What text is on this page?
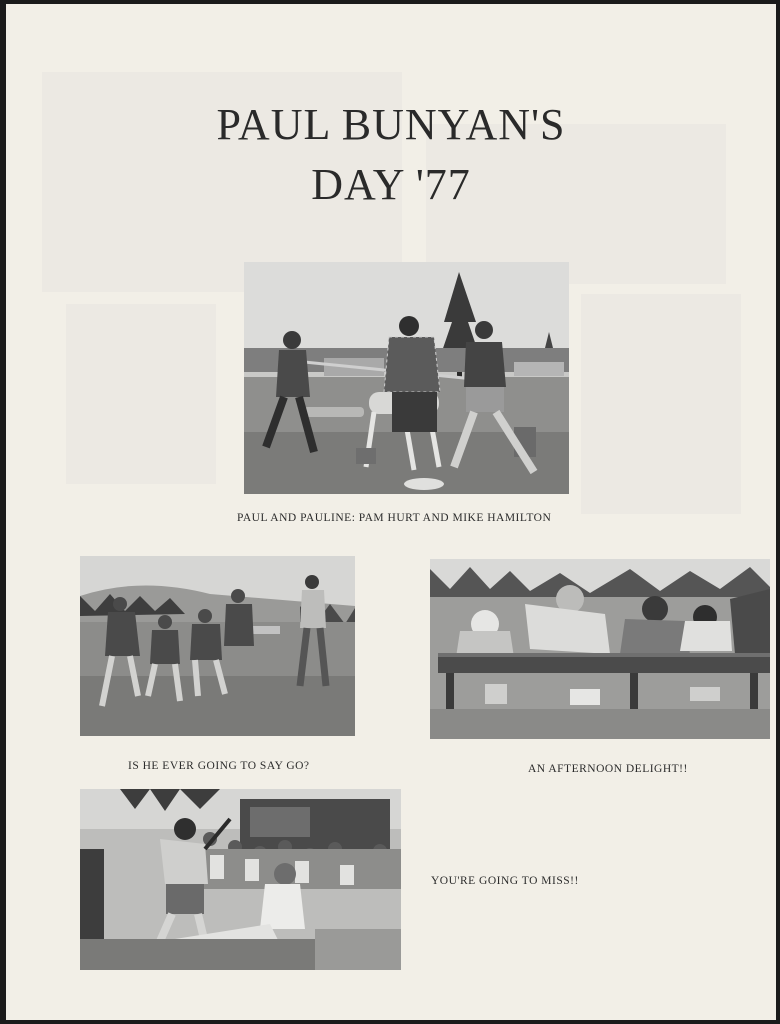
PAUL BUNYAN'S
DAY '77
PAUL AND PAULINE: PAM HURT AND MIKE HAMILTON
IS HE EVER GOING TO SAY GO?	AN AFTERNOON DELIGHT!!
YOU'RE GOING TO MISS!!
